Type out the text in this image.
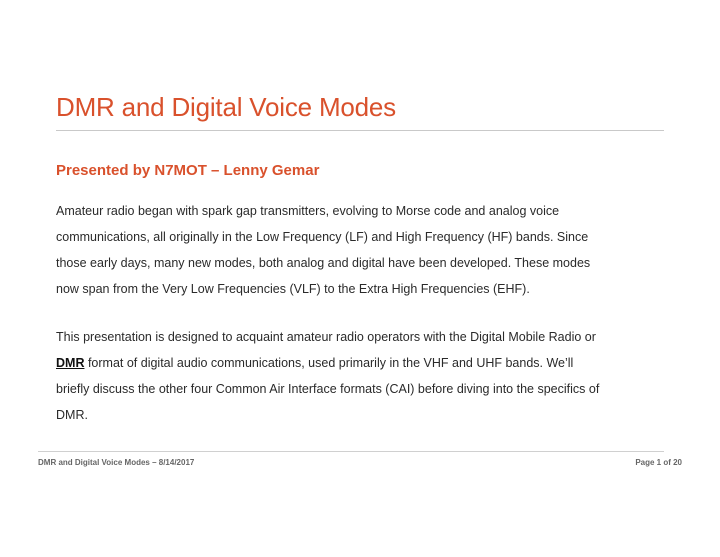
DMR and Digital Voice Modes
Presented by N7MOT – Lenny Gemar
Amateur radio began with spark gap transmitters, evolving to Morse code and analog voice
communications, all originally in the Low Frequency (LF) and High Frequency (HF) bands. Since
those early days, many new modes, both analog and digital have been developed. These modes
now span from the Very Low Frequencies (VLF) to the Extra High Frequencies (EHF).
This presentation is designed to acquaint amateur radio operators with the Digital Mobile Radio or
DMR format of digital audio communications, used primarily in the VHF and UHF bands. We’ll
briefly discuss the other four Common Air Interface formats (CAI) before diving into the specifics of
DMR.
DMR and Digital Voice Modes – 8/14/2017	Page 1 of 20
